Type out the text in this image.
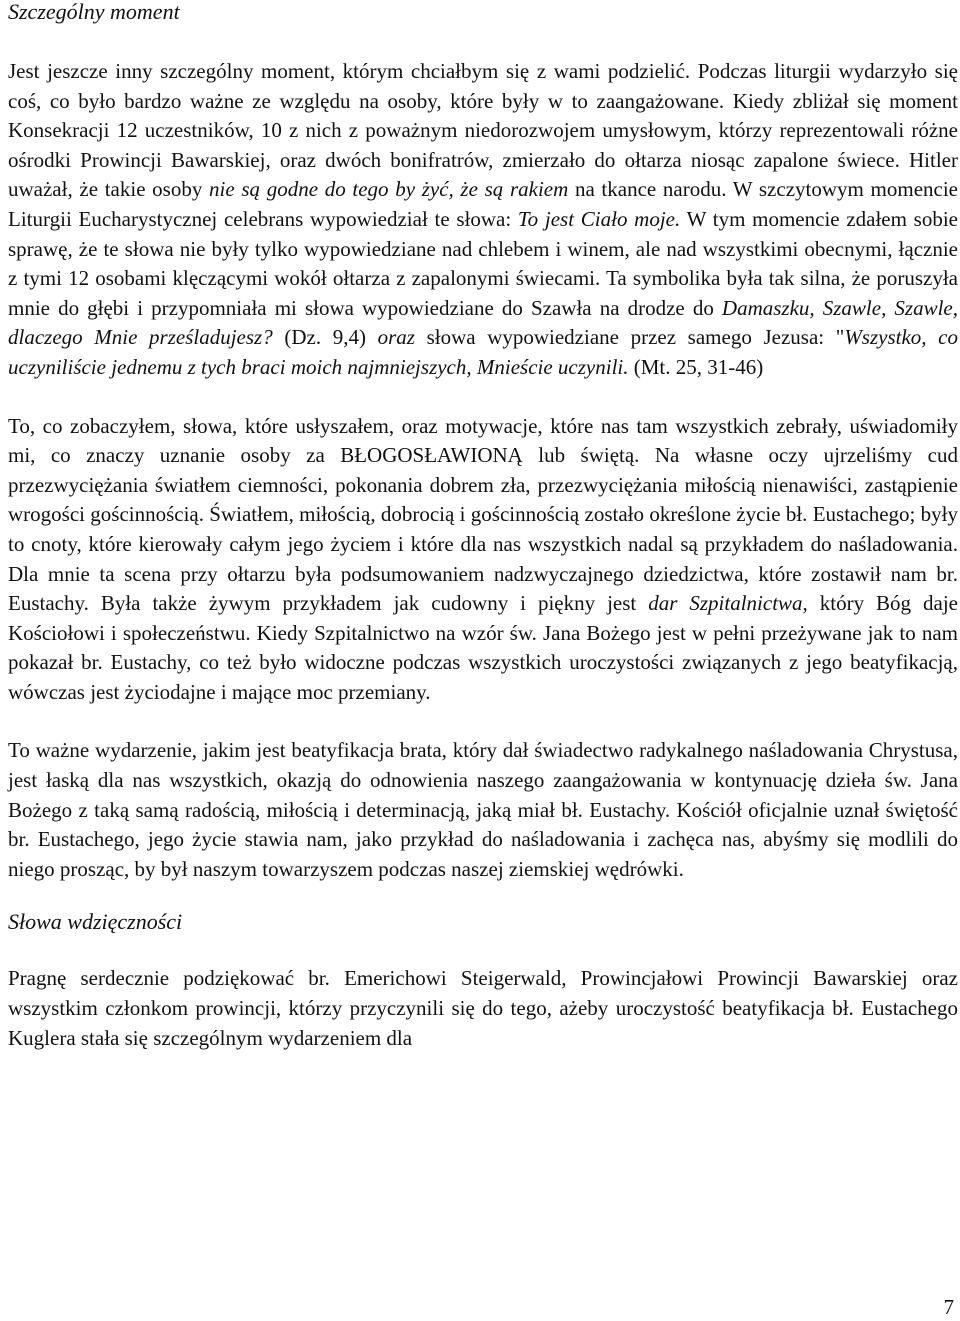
Szczególny moment

Jest jeszcze inny szczególny moment, którym chciałbym się z wami podzielić. Podczas liturgii wydarzyło się coś, co było bardzo ważne ze względu na osoby, które były w to zaangażowane. Kiedy zbliżał się moment Konsekracji 12 uczestników, 10 z nich z poważnym niedorozwojem umysłowym, którzy reprezentowali różne ośrodki Prowincji Bawarskiej, oraz dwóch bonifratrów, zmierzało do ołtarza niosąc zapalone świece. Hitler uważał, że takie osoby nie są godne do tego by żyć, że są rakiem na tkance narodu. W szczytowym momencie Liturgii Eucharystycznej celebrans wypowiedział te słowa: To jest Ciało moje. W tym momencie zdałem sobie sprawę, że te słowa nie były tylko wypowiedziane nad chlebem i winem, ale nad wszystkimi obecnymi, łącznie z tymi 12 osobami klęczącymi wokół ołtarza z zapalonymi świecami. Ta symbolika była tak silna, że poruszyła mnie do głębi i przypomniała mi słowa wypowiedziane do Szawła na drodze do Damaszku, Szawle, Szawle, dlaczego Mnie prześladujesz? (Dz. 9,4) oraz słowa wypowiedziane przez samego Jezusa: "Wszystko, co uczyniliście jednemu z tych braci moich najmniejszych, Mnieście uczynili. (Mt. 25, 31-46)

To, co zobaczyłem, słowa, które usłyszałem, oraz motywacje, które nas tam wszystkich zebrały, uświadomiły mi, co znaczy uznanie osoby za BŁOGOSŁAWIONĄ lub świętą. Na własne oczy ujrzeliśmy cud przezwyciężania światłem ciemności, pokonania dobrem zła, przezwyciężania miłością nienawiści, zastąpienie wrogości gościnnością. Światłem, miłością, dobrocią i gościnnością zostało określone życie bł. Eustachego; były to cnoty, które kierowały całym jego życiem i które dla nas wszystkich nadal są przykładem do naśladowania. Dla mnie ta scena przy ołtarzu była podsumowaniem nadzwyczajnego dziedzictwa, które zostawił nam br. Eustachy. Była także żywym przykładem jak cudowny i piękny jest dar Szpitalnictwa, który Bóg daje Kościołowi i społeczeństwu. Kiedy Szpitalnictwo na wzór św. Jana Bożego jest w pełni przeżywane jak to nam pokazał br. Eustachy, co też było widoczne podczas wszystkich uroczystości związanych z jego beatyfikacją, wówczas jest życiodajne i mające moc przemiany.

To ważne wydarzenie, jakim jest beatyfikacja brata, który dał świadectwo radykalnego naśladowania Chrystusa, jest łaską dla nas wszystkich, okazją do odnowienia naszego zaangażowania w kontynuację dzieła św. Jana Bożego z taką samą radością, miłością i determinacją, jaką miał bł. Eustachy. Kościół oficjalnie uznał świętość br. Eustachego, jego życie stawia nam, jako przykład do naśladowania i zachęca nas, abyśmy się modlili do niego prosząc, by był naszym towarzyszem podczas naszej ziemskiej wędrówki.

Słowa wdzięczności

Pragnę serdecznie podziękować br. Emerichowi Steigerwald, Prowincjałowi Prowincji Bawarskiej oraz wszystkim członkom prowincji, którzy przyczynili się do tego, ażeby uroczystość beatyfikacja bł. Eustachego Kuglera stała się szczególnym wydarzeniem dla

7
